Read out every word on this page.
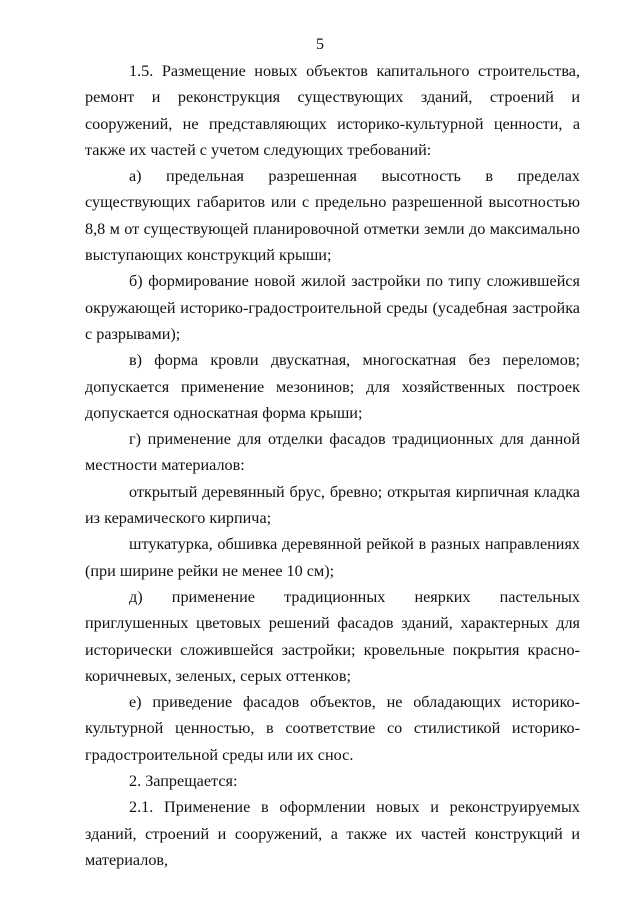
5

1.5. Размещение новых объектов капитального строительства, ремонт и реконструкция существующих зданий, строений и сооружений, не представляющих историко-культурной ценности, а также их частей с учетом следующих требований:

а) предельная разрешенная высотность в пределах существующих габаритов или с предельно разрешенной высотностью 8,8 м от существующей планировочной отметки земли до максимально выступающих конструкций крыши;

б) формирование новой жилой застройки по типу сложившейся окружающей историко-градостроительной среды (усадебная застройка с разрывами);

в) форма кровли двускатная, многоскатная без переломов; допускается применение мезонинов; для хозяйственных построек допускается односкатная форма крыши;

г) применение для отделки фасадов традиционных для данной местности материалов:

открытый деревянный брус, бревно; открытая кирпичная кладка из керамического кирпича;

штукатурка, обшивка деревянной рейкой в разных направлениях (при ширине рейки не менее 10 см);

д) применение традиционных неярких пастельных приглушенных цветовых решений фасадов зданий, характерных для исторически сложившейся застройки; кровельные покрытия красно-коричневых, зеленых, серых оттенков;

е) приведение фасадов объектов, не обладающих историко-культурной ценностью, в соответствие со стилистикой историко-градостроительной среды или их снос.

2. Запрещается:

2.1. Применение в оформлении новых и реконструируемых зданий, строений и сооружений, а также их частей конструкций и материалов,
